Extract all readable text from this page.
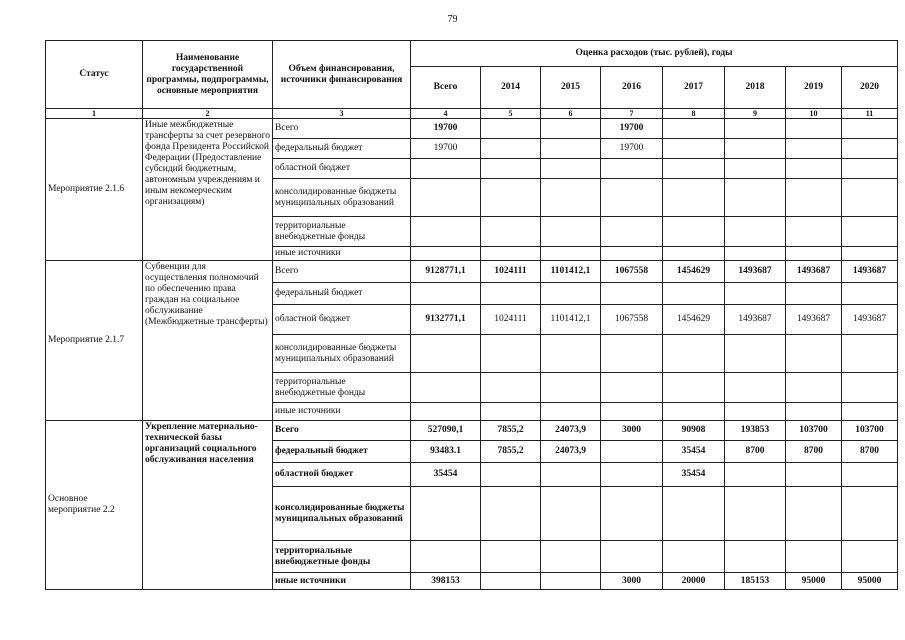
79
Статус	Наименование государственной программы, подпрограммы, основные мероприятия	Объем финансирования, источники финансирования	Оценка расходов (тыс. рублей), годы							
			Всего	2014	2015	2016	2017	2018	2019	2020
1	2	3	4	5	6	7	8	9	10	11
Мероприятие 2.1.6	Иные межбюджетные трансферты за счет резервного фонда Президента Российской Федерации (Предоставление субсидий бюджетным, автономным учреждениям и иным некомерческим организациям)	Всего	19700			19700				
		федеральный бюджет	19700			19700				
		областной бюджет								
		консолидированные бюджеты муниципальных образований								
		территориальные внебюджетные фонды								
		иные источники								
Мероприятие 2.1.7	Субвенции для осуществления полномочий по обеспечению права граждан на социальное обслуживание (Межбюджетные трансферты)	Всего	9128771,1	1024111	1101412,1	1067558	1454629	1493687	1493687	1493687
		федеральный бюджет								
		областной бюджет	9132771,1	1024111	1101412,1	1067558	1454629	1493687	1493687	1493687
		консолидированные бюджеты муниципальных образований								
		территориальные внебюджетные фонды								
		иные источники								
Основное мероприятие 2.2	Укрепление материально-технической базы организаций социального обслуживания населения	Всего	527090,1	7855,2	24073,9	3000	90908	193853	103700	103700
		федеральный бюджет	93483.1	7855,2	24073,9		35454	8700	8700	8700
		областной бюджет	35454				35454			
		консолидированные бюджеты муниципальных образований								
		территориальные внебюджетные фонды								
		иные источники	398153			3000	20000	185153	95000	95000
